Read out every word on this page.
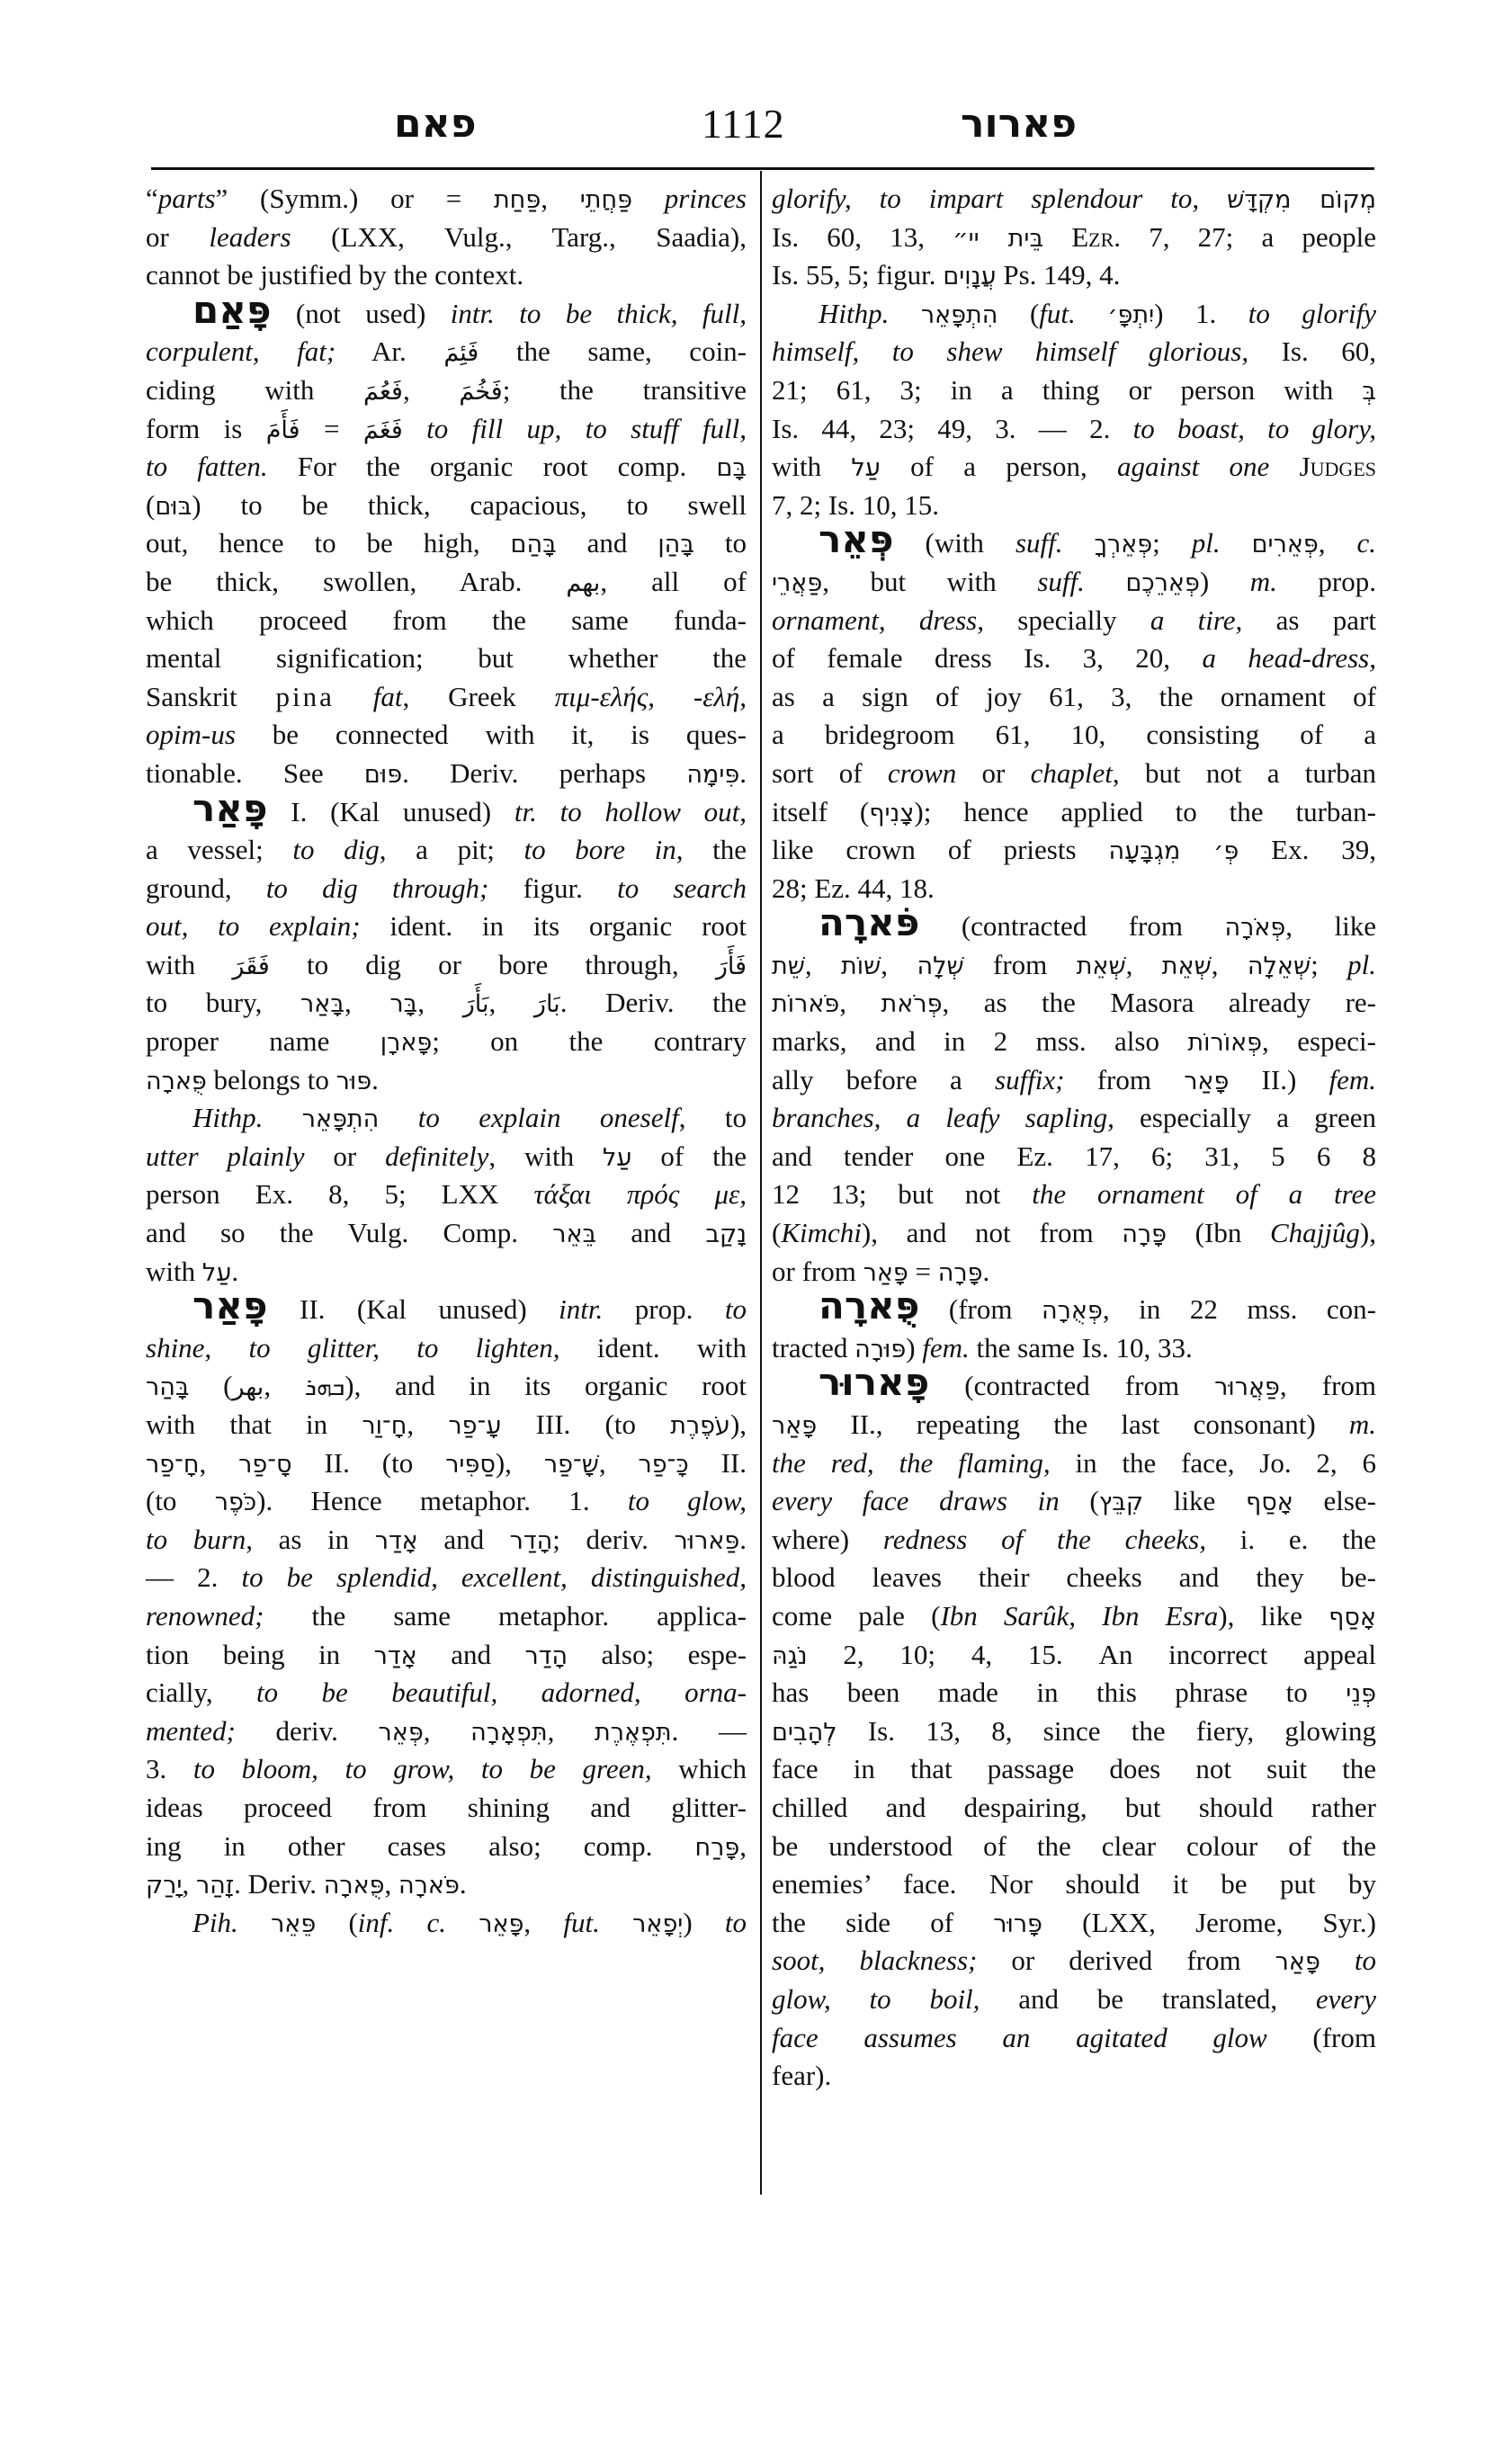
פאם	1112	פארור
“parts” (Symm.) or = פַּחַת, פַּחֲתֵי princes
or leaders (LXX, Vulg., Targ., Saadia),
cannot be justified by the context.
פָּאַם (not used) intr. to be thick, full,
corpulent, fat; Ar. فَئِمَ the same, coin-
ciding with فَعُمَ, فَخُمَ; the transitive
form is فَأَمَ = فَغَمَ to fill up, to stuff full,
to fatten. For the organic root comp. בָּם
(בּוּם) to be thick, capacious, to swell
out, hence to be high, בָּהַם and בָּהַן to
be thick, swollen, Arab. بهم, all of
which proceed from the same funda-
mental signification; but whether the
Sanskrit pina fat, Greek πιμ-ελής, -ελή,
opim-us be connected with it, is ques-
tionable. See פּוּם. Deriv. perhaps פִּימָה.
פָּאַר I. (Kal unused) tr. to hollow out,
a vessel; to dig, a pit; to bore in, the
ground, to dig through; figur. to search
out, to explain; ident. in its organic root
with فَقَرَ to dig or bore through, فَأَرَ
to bury, בָּאַר, בָּר, بَأَرَ, بَارَ. Deriv. the
proper name פָּארָן; on the contrary
פֻּארָה belongs to פּוּר.
Hithp. הִתְפָּאֵר to explain oneself, to
utter plainly or definitely, with עַל of the
person Ex. 8, 5; LXX τάξαι πρός με,
and so the Vulg. Comp. בֵּאֵר and נָקַב
with עַל.
פָּאַר II. (Kal unused) intr. prop. to
shine, to glitter, to lighten, ident. with
בָּהַר (بهر, ܒܗܪ), and in its organic root
with that in חָ־וַר, עָ־פַר III. (to עֹפֶרֶת),
חָ־פַר, סָ־פַר II. (to סַפִּיר), שָׁ־פַר, כָּ־פַר II.
(to כֹּפֶר). Hence metaphor. 1. to glow,
to burn, as in אָדַר and הָדַר; deriv. פַּארוּר.
— 2. to be splendid, excellent, distinguished,
renowned; the same metaphor. applica-
tion being in אָדַר and הָדַר also; espe-
cially, to be beautiful, adorned, orna-
mented; deriv. פְּאֵר, תִּפְאָרָה, תִּפְאֶרֶת. —
3. to bloom, to grow, to be green, which
ideas proceed from shining and glitter-
ing in other cases also; comp. פָּרַח,
יָרַק, זָהַר. Deriv. פֻּארָה, פֹּארָה.
Pih. פֵּאֵר (inf. c. פָּאֵר, fut. יְפָאֵר) to
glorify, to impart splendour to, מְקוֹם מִקְדָּשׁ
Is. 60, 13, בֵּית יי״ Ezr. 7, 27; a people
Is. 55, 5; figur. עֲנָוִים Ps. 149, 4.
Hithp. הִתְפָּאֵר (fut. יִתְפָּ׳) 1. to glorify
himself, to shew himself glorious, Is. 60,
21; 61, 3; in a thing or person with בְּ
Is. 44, 23; 49, 3. — 2. to boast, to glory,
with עַל of a person, against one Judges
7, 2; Is. 10, 15.
פְּאֵר (with suff. פְּאֵרְךָ; pl. פְּאֵרִים, c.
פַּאֲרֵי, but with suff. פְּאֵרֵכֶם) m. prop.
ornament, dress, specially a tire, as part
of female dress Is. 3, 20, a head-dress,
as a sign of joy 61, 3, the ornament of
a bridegroom 61, 10, consisting of a
sort of crown or chaplet, but not a turban
itself (צָנִיף); hence applied to the turban-
like crown of priests פְּ׳ מִגְבָּעָה Ex. 39,
28; Ez. 44, 18.
פֹּארָה (contracted from פְּאֹרָה, like
שֵׁת, שׁוֹת, שְׁלָה from שְׁאֵת, שְׁאֵת, שְׁאֵלָה; pl.
פֹּארוֹת, פְּרֹאת, as the Masora already re-
marks, and in 2 mss. also פְּאוֹרוֹת, especi-
ally before a suffix; from פָּאַר II.) fem.
branches, a leafy sapling, especially a green
and tender one Ez. 17, 6; 31, 5 6 8
12 13; but not the ornament of a tree
(Kimchi), and not from פָּרָה (Ibn Chajjûg),
or from פָּאַר = פָּרָה.
פֻּארָה (from פְּאֻרָה, in 22 mss. con-
tracted פּוּרָה) fem. the same Is. 10, 33.
פָּארוּר (contracted from פַּאֲרוּר, from
פָּאַר II., repeating the last consonant) m.
the red, the flaming, in the face, Jo. 2, 6
every face draws in (קִבֵּץ like אָסַף else-
where) redness of the cheeks, i. e. the
blood leaves their cheeks and they be-
come pale (Ibn Sarûk, Ibn Esra), like אָסַף
נֹגַהּ 2, 10; 4, 15. An incorrect appeal
has been made in this phrase to פְּנֵי
לְהָבִים Is. 13, 8, since the fiery, glowing
face in that passage does not suit the
chilled and despairing, but should rather
be understood of the clear colour of the
enemies’ face. Nor should it be put by
the side of פָּרוּר (LXX, Jerome, Syr.)
soot, blackness; or derived from פָּאַר to
glow, to boil, and be translated, every
face assumes an agitated glow (from
fear).
